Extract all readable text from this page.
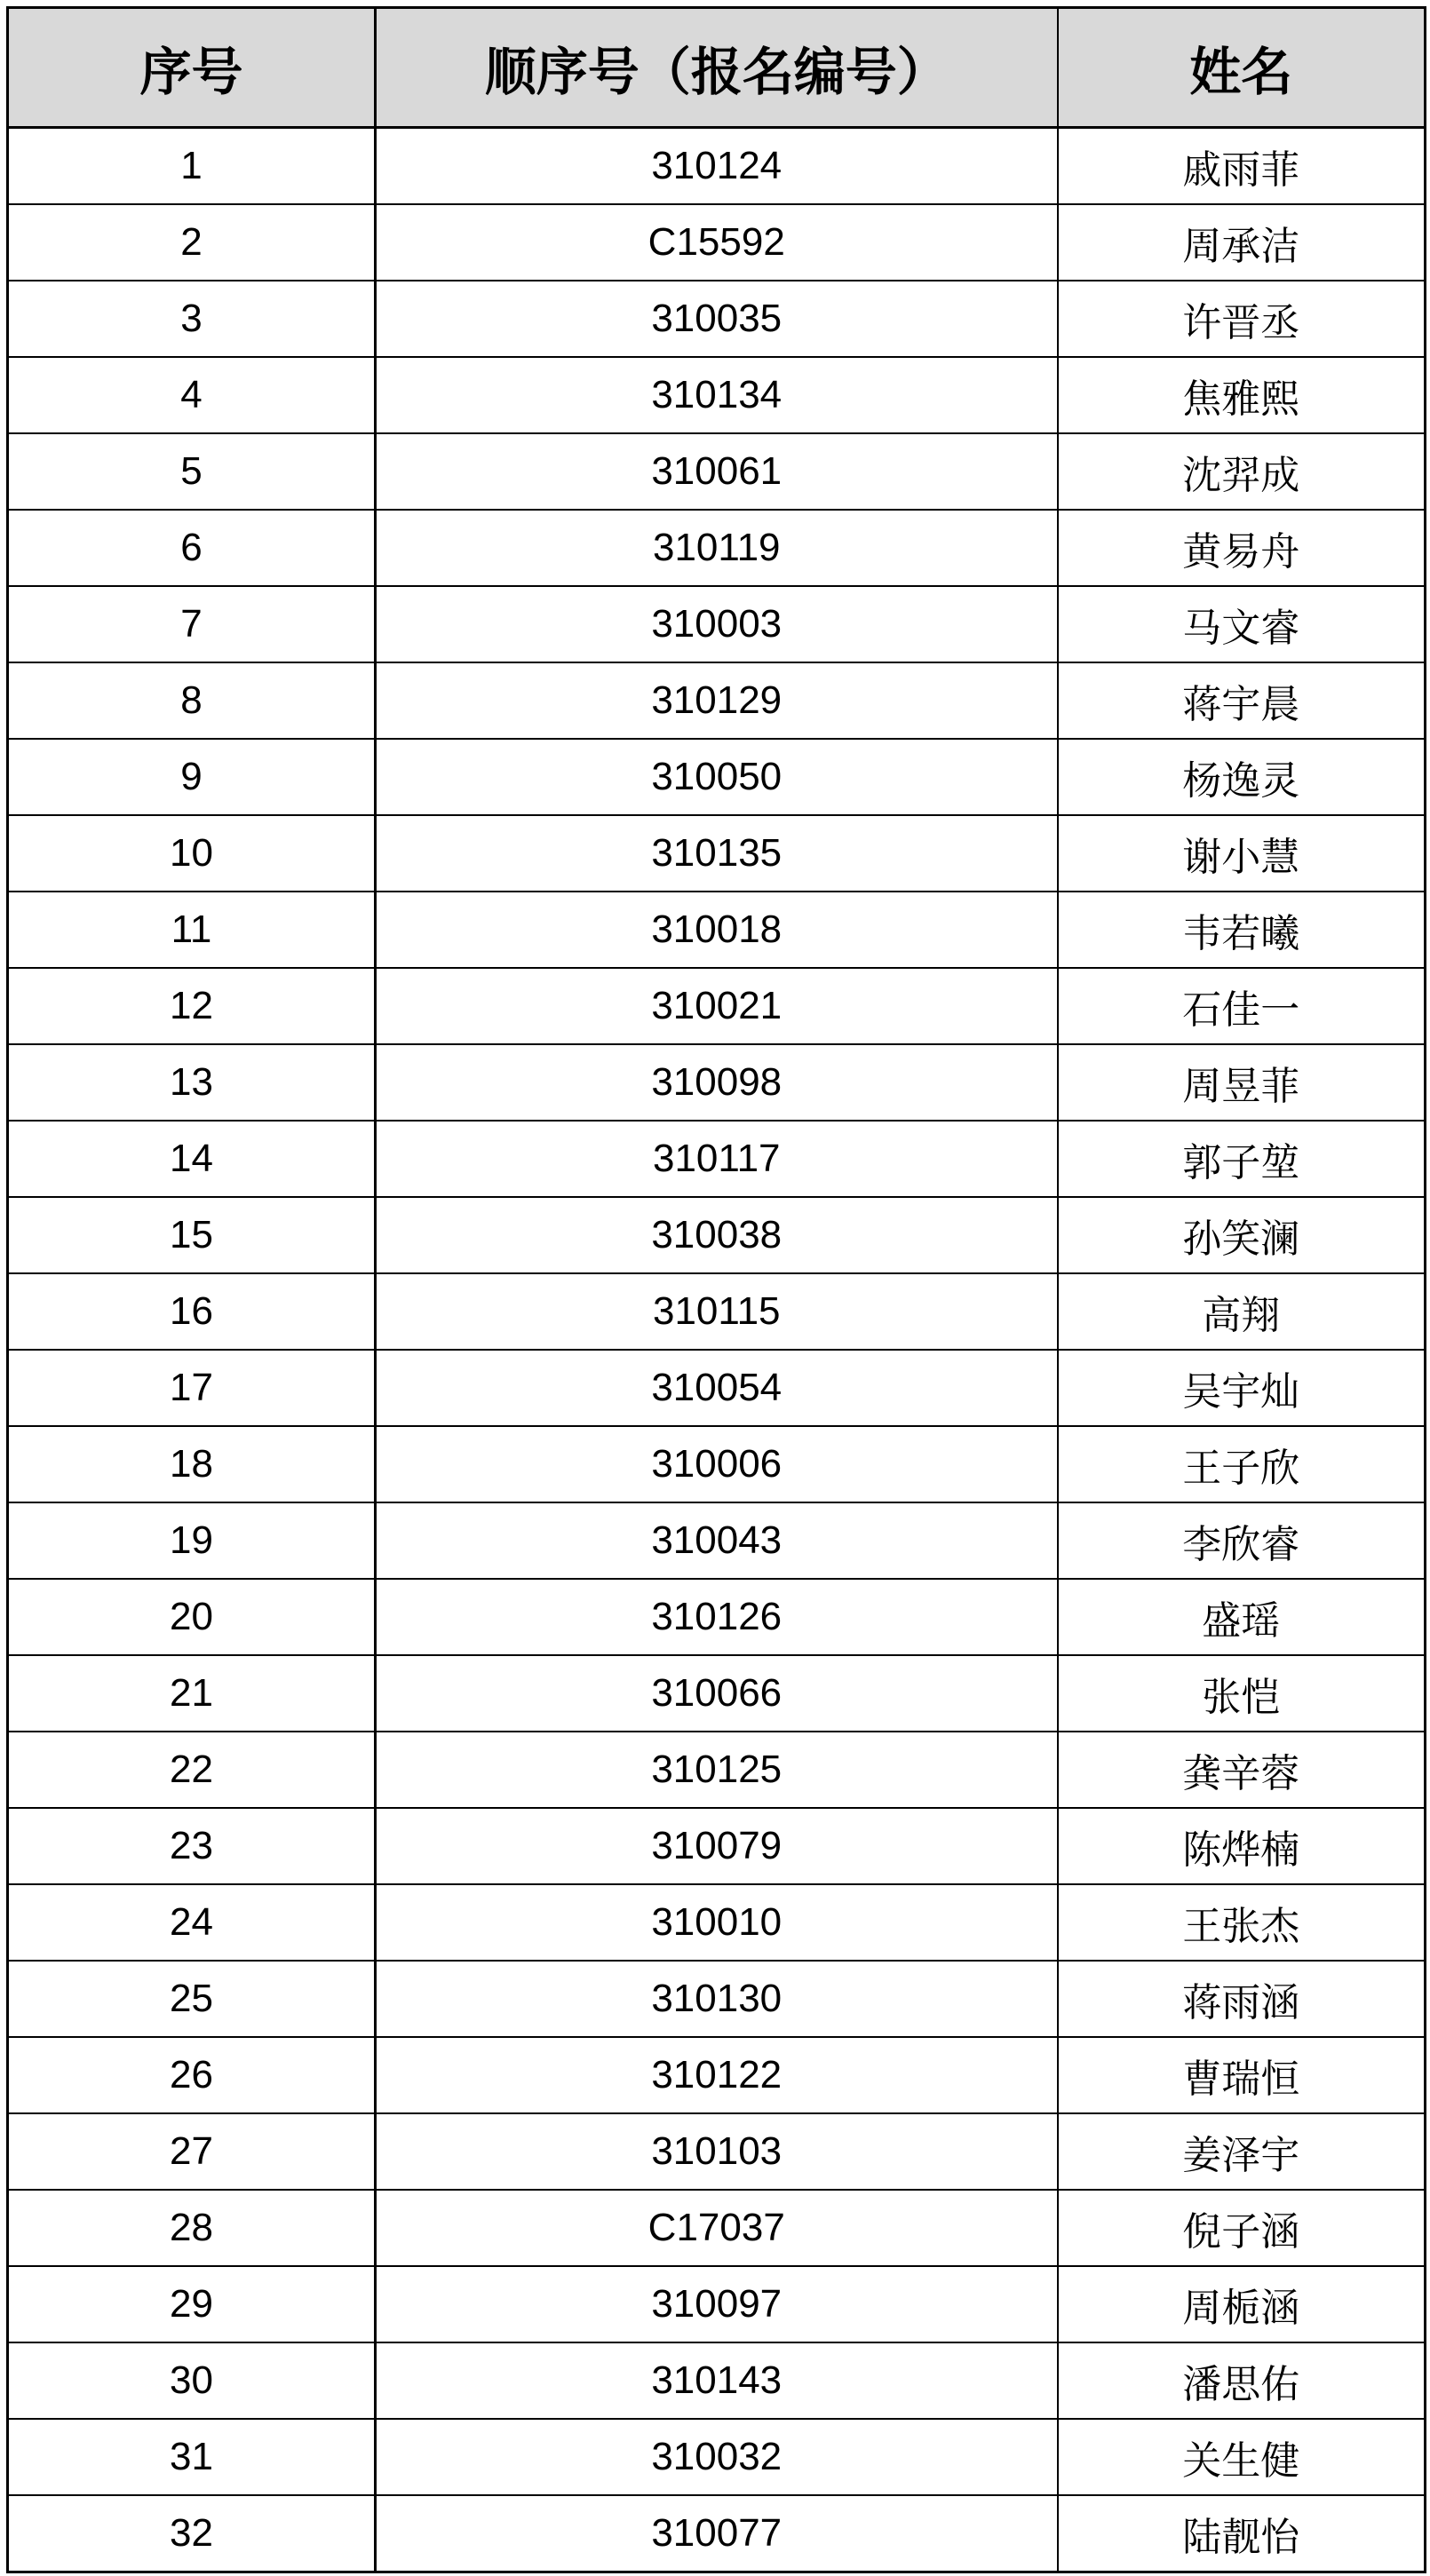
序号	顺序号（报名编号）	姓名
1	310124	戚雨菲
2	C15592	周承洁
3	310035	许晋丞
4	310134	焦雅熙
5	310061	沈羿成
6	310119	黄易舟
7	310003	马文睿
8	310129	蒋宇晨
9	310050	杨逸灵
10	310135	谢小慧
11	310018	韦若曦
12	310021	石佳一
13	310098	周昱菲
14	310117	郭子堃
15	310038	孙笑澜
16	310115	高翔
17	310054	吴宇灿
18	310006	王子欣
19	310043	李欣睿
20	310126	盛瑶
21	310066	张恺
22	310125	龚辛蓉
23	310079	陈烨楠
24	310010	王张杰
25	310130	蒋雨涵
26	310122	曹瑞恒
27	310103	姜泽宇
28	C17037	倪子涵
29	310097	周栀涵
30	310143	潘思佑
31	310032	关生健
32	310077	陆靓怡
